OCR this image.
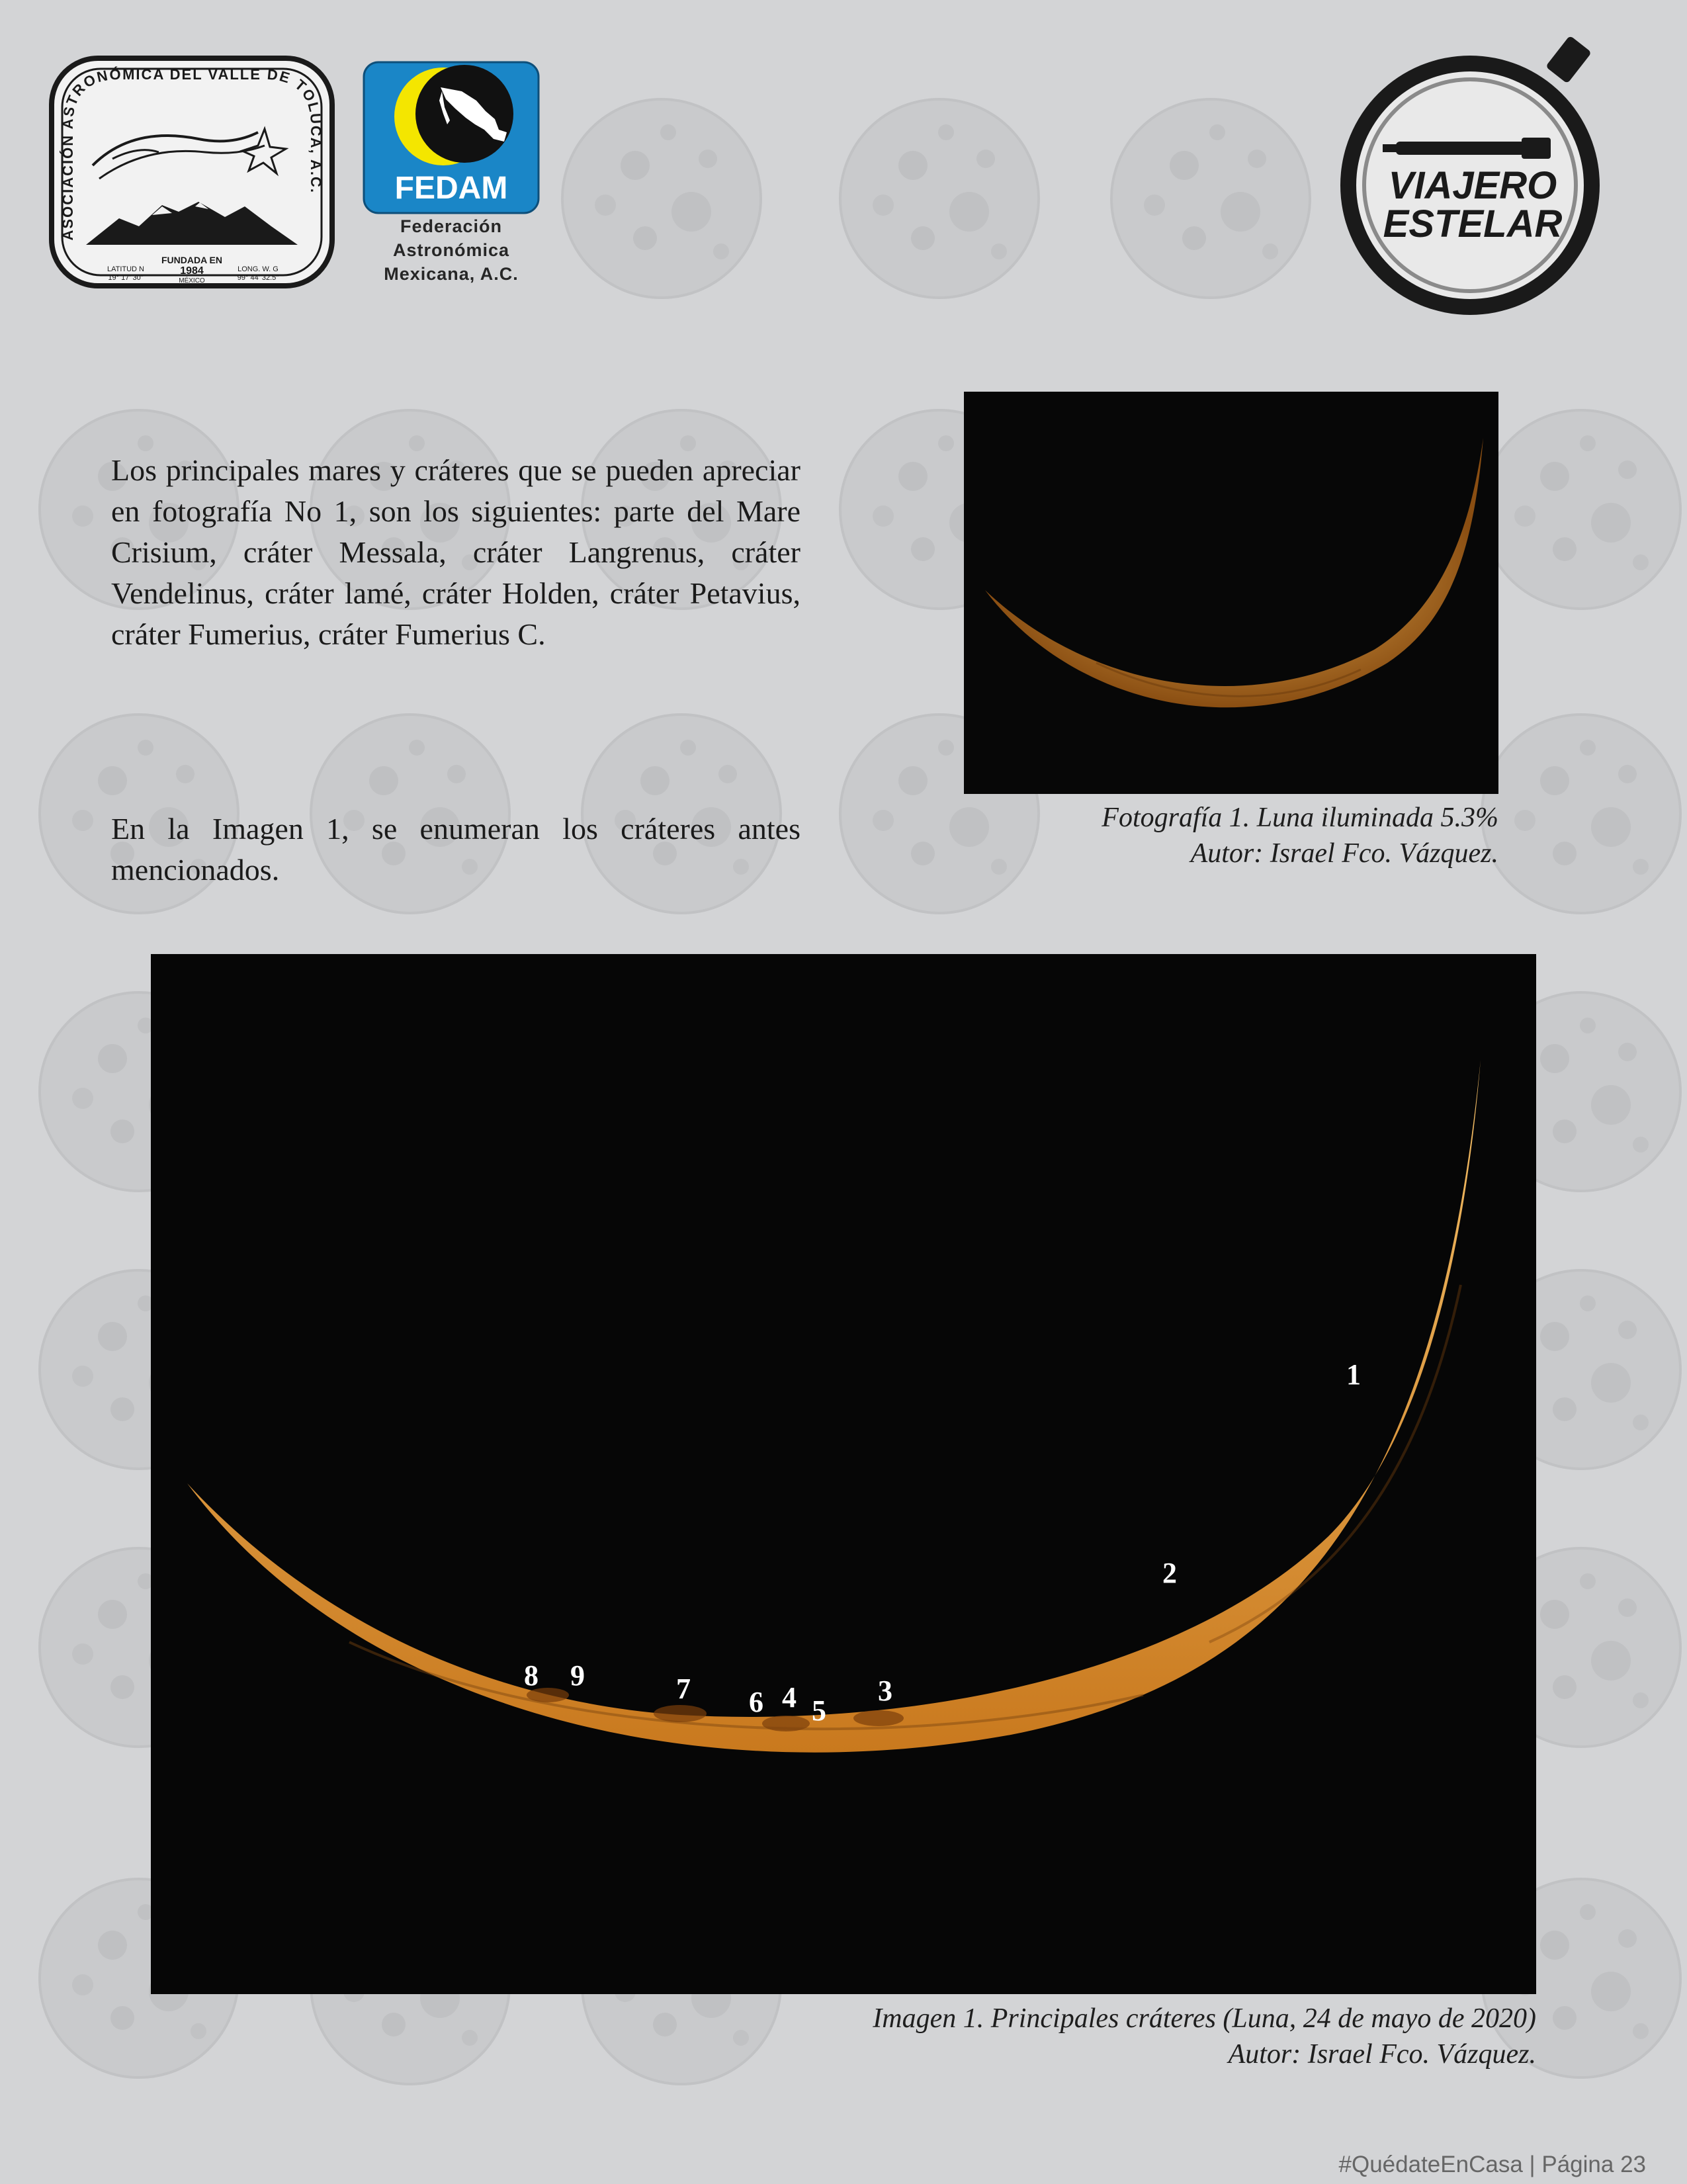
ASOCIACIÓN ASTRONÓMICA DEL VALLE DE TOLUCA, A.C.
FUNDADA EN
1984
LATITUD N
19° 17' 30"	MÉXICO
LONG. W. G
99° 44' 32.5"
FEDAM
Federación
Astronómica
Mexicana, A.C.
VIAJERO
ESTELAR
Los principales mares y cráteres que se pueden apreciar en fotografía No 1, son los siguientes: parte del Mare Crisium, cráter Messala, cráter Langrenus, cráter Vendelinus, cráter lamé, cráter Holden, cráter Petavius, cráter Fumerius, cráter Fumerius C.
En la Imagen 1, se enumeran los cráteres antes mencionados.
Fotografía 1. Luna iluminada 5.3%
Autor: Israel Fco. Vázquez.
1
2
3
4 5
6
7
8 9
Imagen 1. Principales cráteres (Luna, 24 de mayo de 2020)
Autor: Israel Fco. Vázquez.
#QuédateEnCasa | Página 23
